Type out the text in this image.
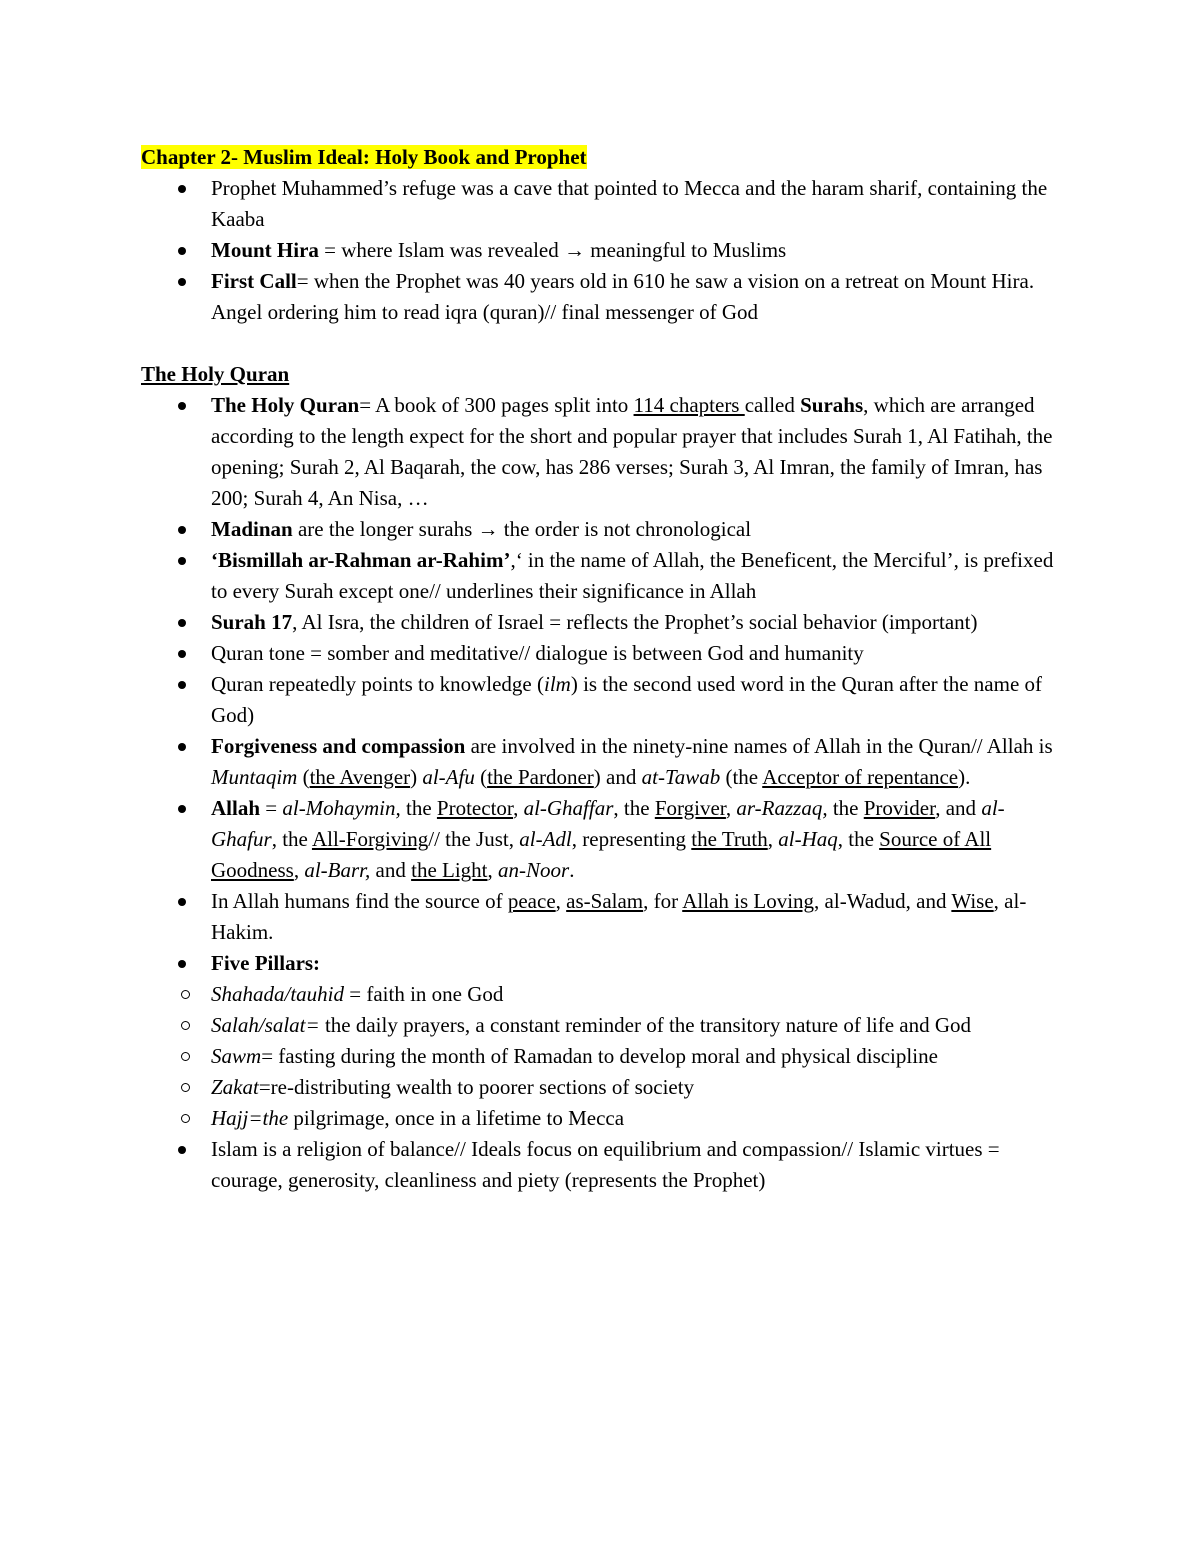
Chapter 2- Muslim Ideal: Holy Book and Prophet

Prophet Muhammed’s refuge was a cave that pointed to Mecca and the haram sharif, containing the Kaaba
Mount Hira = where Islam was revealed → meaningful to Muslims
First Call= when the Prophet was 40 years old in 610 he saw a vision on a retreat on Mount Hira. Angel ordering him to read iqra (quran)// final messenger of God

The Holy Quran

The Holy Quran= A book of 300 pages split into 114 chapters called Surahs, which are arranged according to the length expect for the short and popular prayer that includes Surah 1, Al Fatihah, the opening; Surah 2, Al Baqarah, the cow, has 286 verses; Surah 3, Al Imran, the family of Imran, has 200; Surah 4, An Nisa, …
Madinan are the longer surahs → the order is not chronological
‘Bismillah ar-Rahman ar-Rahim’,‘ in the name of Allah, the Beneficent, the Merciful’, is prefixed to every Surah except one// underlines their significance in Allah
Surah 17, Al Isra, the children of Israel = reflects the Prophet’s social behavior (important)
Quran tone = somber and meditative// dialogue is between God and humanity
Quran repeatedly points to knowledge (ilm) is the second used word in the Quran after the name of God)
Forgiveness and compassion are involved in the ninety-nine names of Allah in the Quran// Allah is Muntaqim (the Avenger) al-Afu (the Pardoner) and at-Tawab (the Acceptor of repentance).
Allah = al-Mohaymin, the Protector, al-Ghaffar, the Forgiver, ar-Razzaq, the Provider, and al-Ghafur, the All-Forgiving// the Just, al-Adl, representing the Truth, al-Haq, the Source of All Goodness, al-Barr, and the Light, an-Noor.
In Allah humans find the source of peace, as-Salam, for Allah is Loving, al-Wadud, and Wise, al-Hakim.
Five Pillars:
Shahada/tauhid = faith in one God
Salah/salat= the daily prayers, a constant reminder of the transitory nature of life and God
Sawm= fasting during the month of Ramadan to develop moral and physical discipline
Zakat=re-distributing wealth to poorer sections of society
Hajj=the pilgrimage, once in a lifetime to Mecca
Islam is a religion of balance// Ideals focus on equilibrium and compassion// Islamic virtues = courage, generosity, cleanliness and piety (represents the Prophet)
